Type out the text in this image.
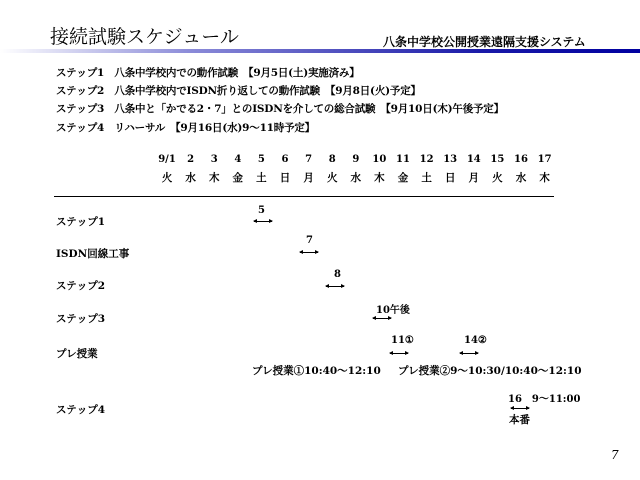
接続試験スケジュール	八条中学校公開授業遠隔支援システム
ステップ1　八条中学校内での動作試験　【9月5日(土)実施済み】
ステップ2　八条中学校内でISDN折り返しての動作試験　【9月8日(火)予定】
ステップ3　八条中と「かでる2・7」とのISDNを介しての総合試験　【9月10日(木)午後予定】
ステップ4　リハーサル　【9月16日(水)9～11時予定】
9/1
火
2
水
3
木
4
金
5
土
6
日
7
月
8
火
9
水
10
木
11
金
12
土
13
日
14
月
15
火
16
水
17
木
ステップ1
5
ISDN回線工事
7
ステップ2
8
ステップ3
10午後
プレ授業
11①	14②
プレ授業①10:40～12:10 プレ授業②9～10:30/10:40～12:10
ステップ4
16　9～11:00
本番
7
